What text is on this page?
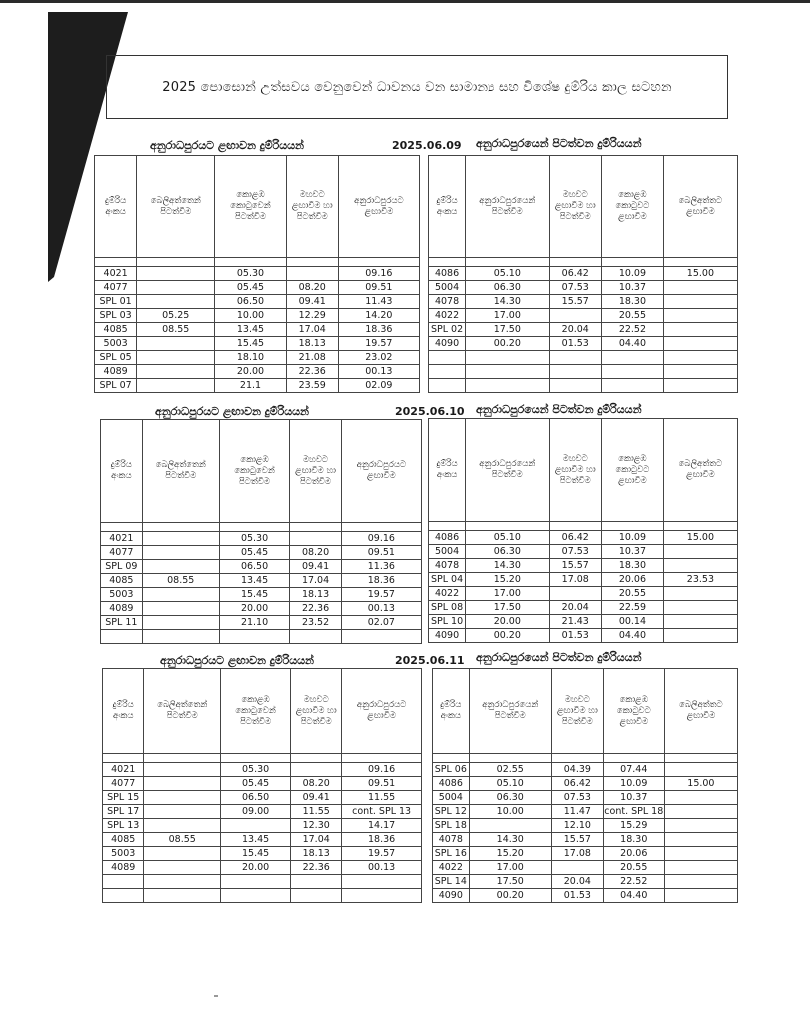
2025 පොසොන් උත්සවය වෙනුවෙන් ධාවනය වන සාමාන්‍ය සහ විශේෂ දුම්රිය කාල සටහන
අනුරාධපුරයට ළඟාවන දුම්රියයන්	2025.06.09 අනුරාධපුරයෙන් පිටත්වන දුම්රියයන්
දුම්රිය අංකය	බෙලිඅත්තෙන් පිටත්වීම	කොළඹ කොටුවෙන් පිටත්වීම	මහවට ළඟාවීම හා පිටත්වීම	අනුරාධපුරයට ළඟාවීම

4021		05.30		09.16
4077		05.45	08.20	09.51
SPL 01		06.50	09.41	11.43
SPL 03	05.25	10.00	12.29	14.20
4085	08.55	13.45	17.04	18.36
5003		15.45	18.13	19.57
SPL 05		18.10	21.08	23.02
4089		20.00	22.36	00.13
SPL 07		21.1	23.59	02.09
දුම්රිය අංකය	අනුරාධපුරයෙන් පිටත්වීම	මහවට ළඟාවීම හා පිටත්වීම	කොළඹ කොටුවට ළඟාවීම	බෙලිඅත්තට ළඟාවීම

4086	05.10	06.42	10.09	15.00
5004	06.30	07.53	10.37	
4078	14.30	15.57	18.30	
4022	17.00		20.55	
SPL 02	17.50	20.04	22.52	
4090	00.20	01.53	04.40	

අනුරාධපුරයට ළඟාවන දුම්රියයන්	2025.06.10 අනුරාධපුරයෙන් පිටත්වන දුම්රියයන්
දුම්රිය අංකය	බෙලිඅත්තෙන් පිටත්වීම	කොළඹ කොටුවෙන් පිටත්වීම	මහවට ළඟාවීම හා පිටත්වීම	අනුරාධපුරයට ළඟාවීම

4021		05.30		09.16
4077		05.45	08.20	09.51
SPL 09		06.50	09.41	11.36
4085	08.55	13.45	17.04	18.36
5003		15.45	18.13	19.57
4089		20.00	22.36	00.13
SPL 11		21.10	23.52	02.07

දුම්රිය අංකය	අනුරාධපුරයෙන් පිටත්වීම	මහවට ළඟාවීම හා පිටත්වීම	කොළඹ කොටුවට ළඟාවීම	බෙලිඅත්තට ළඟාවීම

4086	05.10	06.42	10.09	15.00
5004	06.30	07.53	10.37	
4078	14.30	15.57	18.30	
SPL 04	15.20	17.08	20.06	23.53
4022	17.00		20.55	
SPL 08	17.50	20.04	22.59	
SPL 10	20.00	21.43	00.14	
4090	00.20	01.53	04.40	
අනුරාධපුරයට ළඟාවන දුම්රියයන්	2025.06.11 අනුරාධපුරයෙන් පිටත්වන දුම්රියයන්
දුම්රිය අංකය	බෙලිඅත්තෙන් පිටත්වීම	කොළඹ කොටුවෙන් පිටත්වීම	මහවට ළඟාවීම හා පිටත්වීම	අනුරාධපුරයට ළඟාවීම

4021		05.30		09.16
4077		05.45	08.20	09.51
SPL 15		06.50	09.41	11.55
SPL 17		09.00	11.55	cont. SPL 13
SPL 13			12.30	14.17
4085	08.55	13.45	17.04	18.36
5003		15.45	18.13	19.57
4089		20.00	22.36	00.13

දුම්රිය අංකය	අනුරාධපුරයෙන් පිටත්වීම	මහවට ළඟාවීම හා පිටත්වීම	කොළඹ කොටුවට ළඟාවීම	බෙලිඅත්තට ළඟාවීම

SPL 06	02.55	04.39	07.44	
4086	05.10	06.42	10.09	15.00
5004	06.30	07.53	10.37	
SPL 12	10.00	11.47	cont. SPL 18	
SPL 18		12.10	15.29	
4078	14.30	15.57	18.30	
SPL 16	15.20	17.08	20.06	
4022	17.00		20.55	
SPL 14	17.50	20.04	22.52	
4090	00.20	01.53	04.40	
